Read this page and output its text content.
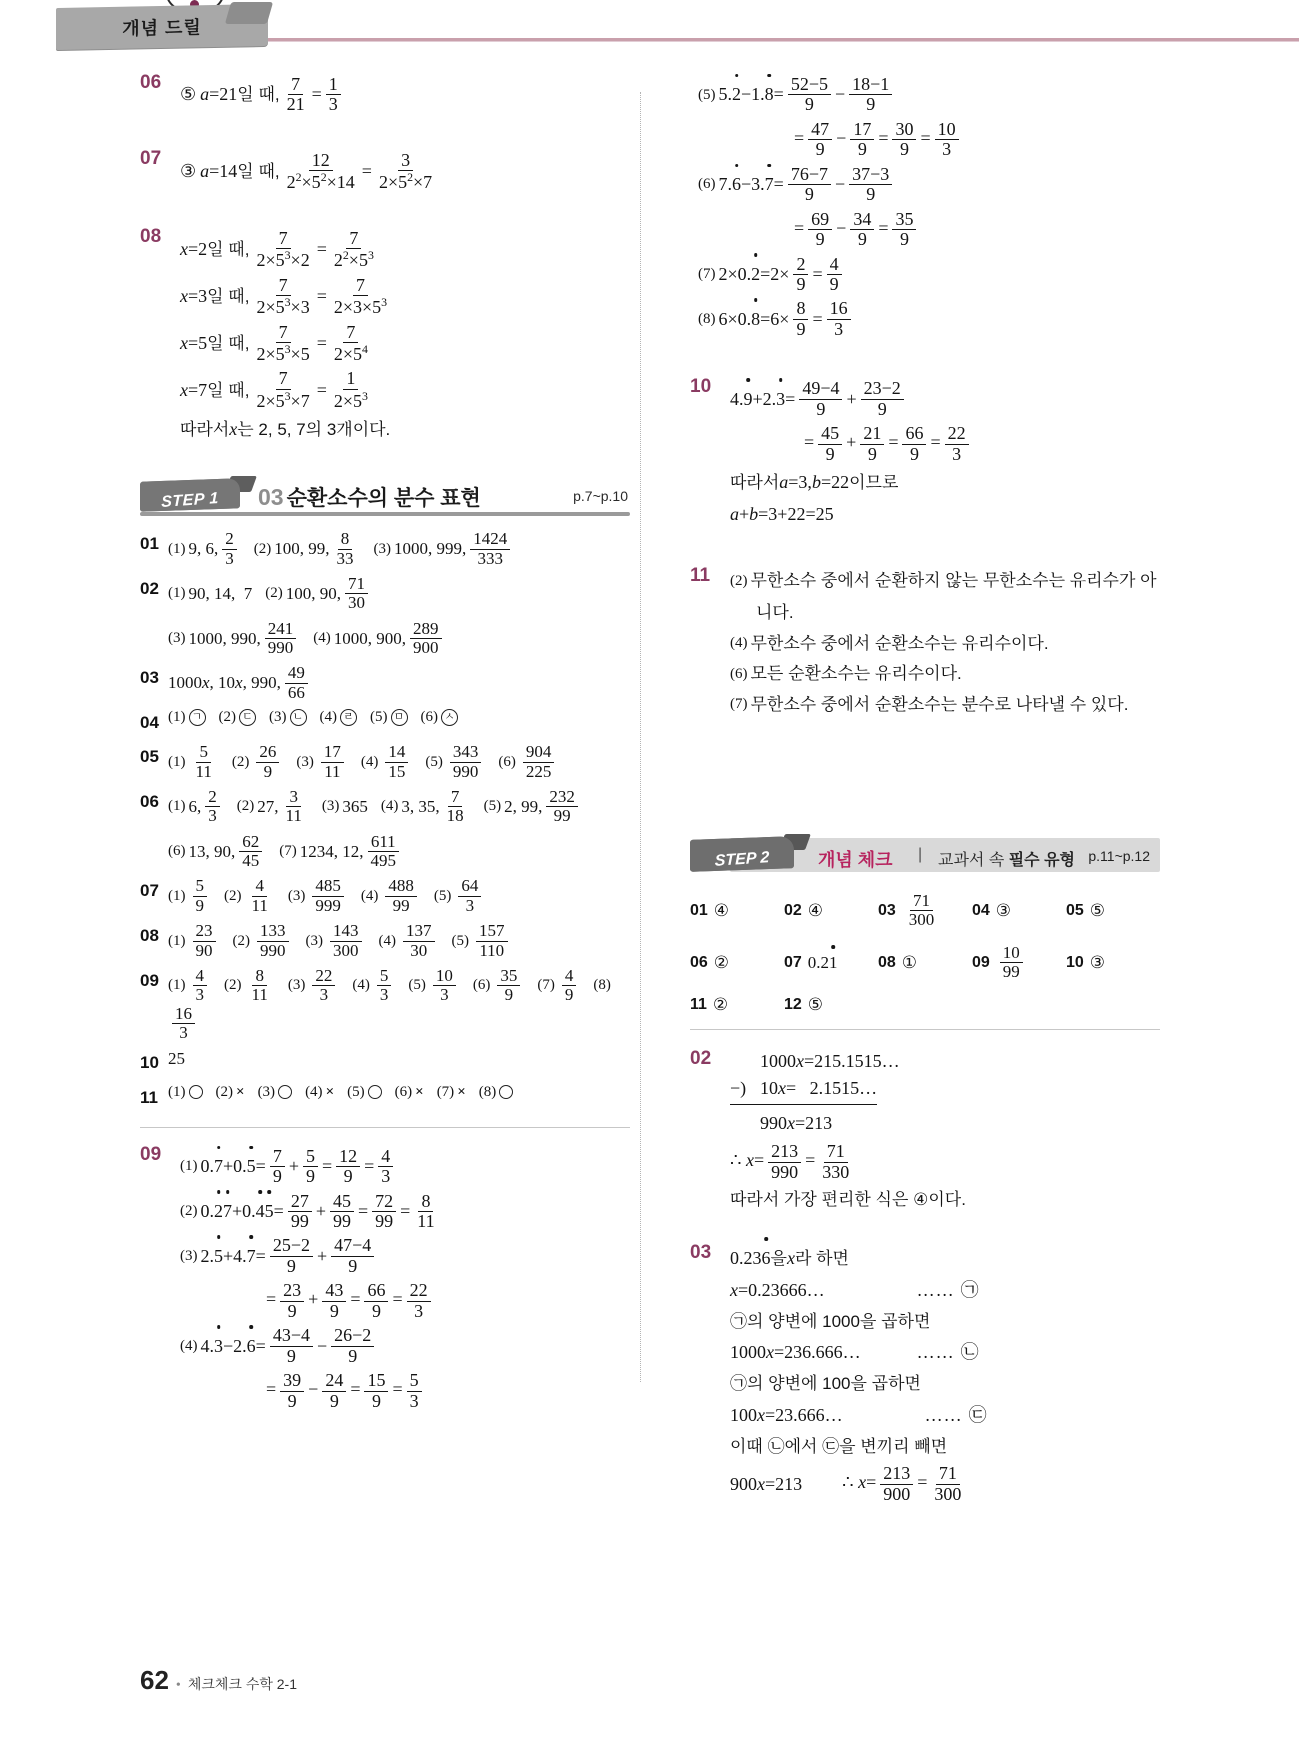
개념 드릴
06
⑤ a =21 일 때, $\frac{7}{21} = \frac{1}{3}$
07
③ a =14 일 때, $\frac{12}{2^2\times 5^2\times 14} = \frac{3}{2\times 5^2\times 7}$
08
x =2 일 때, $\frac{7}{2\times 5^3\times 2} = \frac{7}{2^2\times 5^3}$
x =3 일 때, $\frac{7}{2\times 5^3\times 3} = \frac{7}{2\times 3\times 5^3}$
x =5 일 때, $\frac{7}{2\times 5^3\times 5} = \frac{7}{2\times 5^4}$
x =7 일 때, $\frac{7}{2\times 5^3\times 7} = \frac{1}{2\times 5^3}$
따라서 x 는 2, 5, 7의 3개이다.
STEP 1	03 순환소수의 분수 표현	p.7~p.10
01 (1) 9, 6, $\frac{2}{3} (2)$ 100, 99, $\frac{8}{33} (3)$ 1000, 999, $\frac{1424}{333}$
02 (1) 90, 14,  7 (2) 100, 90, $\frac{71}{30}$
(3) 1000, 990, $\frac{241}{990} (4)$ 1000, 900, $\frac{289}{900}$
03 1000 x , 10 x , 990, $\frac{49}{66}$
04 (1) ㄱ (2) ㄷ (3) ㄴ (4) ㄹ (5) ㅁ (6) ㅅ
05 $(1) \frac{5}{11} (2) \frac{26}{9} (3) \frac{17}{11} (4) \frac{14}{15} (5) \frac{343}{990} (6) \frac{904}{225}$
06 (1) 6, $\frac{2}{3} (2)$ 27, $\frac{3}{11} (3)$ 365 (4) 3, 35, $\frac{7}{18} (5)$ 2, 99, $\frac{232}{99}$
(6) 13, 90, $\frac{62}{45} (7)$ 1234, 12, $\frac{611}{495}$
07 $(1) \frac{5}{9} (2) \frac{4}{11} (3) \frac{485}{999} (4) \frac{488}{99} (5) \frac{64}{3}$
08 $(1) \frac{23}{90} (2) \frac{133}{990} (3) \frac{143}{300} (4) \frac{137}{30} (5) \frac{157}{110}$
09 $(1) \frac{4}{3} (2) \frac{8}{11} (3) \frac{22}{3} (4) \frac{5}{3} (5) \frac{10}{3} (6) \frac{35}{9} (7) \frac{4}{9} (8)$
$\frac{16}{3}$
10 25
11 (1) (2) × (3) (4) × (5) (6) × (7) × (8)
09
(1) 0. 7 +0. $5 = \frac{7}{9} + \frac{5}{9} = \frac{12}{9} = \frac{4}{3}$
(2) 0. 2 7 +0. 4 $5 = \frac{27}{99} + \frac{45}{99} = \frac{72}{99} = \frac{8}{11}$
(3) 2. 5 +4. $7 = \frac{25-2}{9} + \frac{47-4}{9}$
= $\frac{23}{9} + \frac{43}{9} = \frac{66}{9} = \frac{22}{3}$
(4) 4. 3 −2. $6 = \frac{43-4}{9} - \frac{26-2}{9}$
= $\frac{39}{9} - \frac{24}{9} = \frac{15}{9} = \frac{5}{3}$
(5) 5. 2 −1. $8 = \frac{52-5}{9} - \frac{18-1}{9}$
= $\frac{47}{9} - \frac{17}{9} = \frac{30}{9} = \frac{10}{3}$
(6) 7. 6 −3. $7 = \frac{76-7}{9} - \frac{37-3}{9}$
= $\frac{69}{9} - \frac{34}{9} = \frac{35}{9}$
(7) 2×0. $2 =2\times \frac{2}{9} = \frac{4}{9}$
(8) 6×0. $8 =6\times \frac{8}{9} = \frac{16}{3}$
10
4. 9 +2. $3 = \frac{49-4}{9} + \frac{23-2}{9}$
= $\frac{45}{9} + \frac{21}{9} = \frac{66}{9} = \frac{22}{3}$
따라서 a =3, b =22 이므로
a + b =3+22=25
11	(2) 무한소수 중에서 순환하지 않는 무한소수는 유리수가 아
니다.
(4) 무한소수 중에서 순환소수는 유리수이다.
(6) 모든 순환소수는 유리수이다.
(7) 무한소수 중에서 순환소수는 분수로 나타낼 수 있다.
STEP 2	개념 체크 | 교과서 속 필수 유형 p.11~p.12
01 ④	02 ④	$03 \frac{71}{300} 04$ ③	05 ⑤
06 ②	07 0.21	08 ①	$09 \frac{10}{99}$	10 ③
11 ②	12 ⑤
02	1000x=215.1515…
−) 10x=   2.1515…
990x=213
∴ $x= \frac{213}{990} = \frac{71}{330}$
따라서 가장 편리한 식은 ④이다.
03	0.23 6 을 x 라 하면
x =0.23666…	…… ㉠
㉠의 양변에 1000을 곱하면
1000 x =236.666…	…… ㉡
㉠의 양변에 100을 곱하면
100 x =23.666…	…… ㉢
이때 ㉡에서 ㉢을 변끼리 빼면
900 x =213 ∴ $x= \frac{213}{900} = \frac{71}{300}$
62 • 체크체크 수학 2-1
